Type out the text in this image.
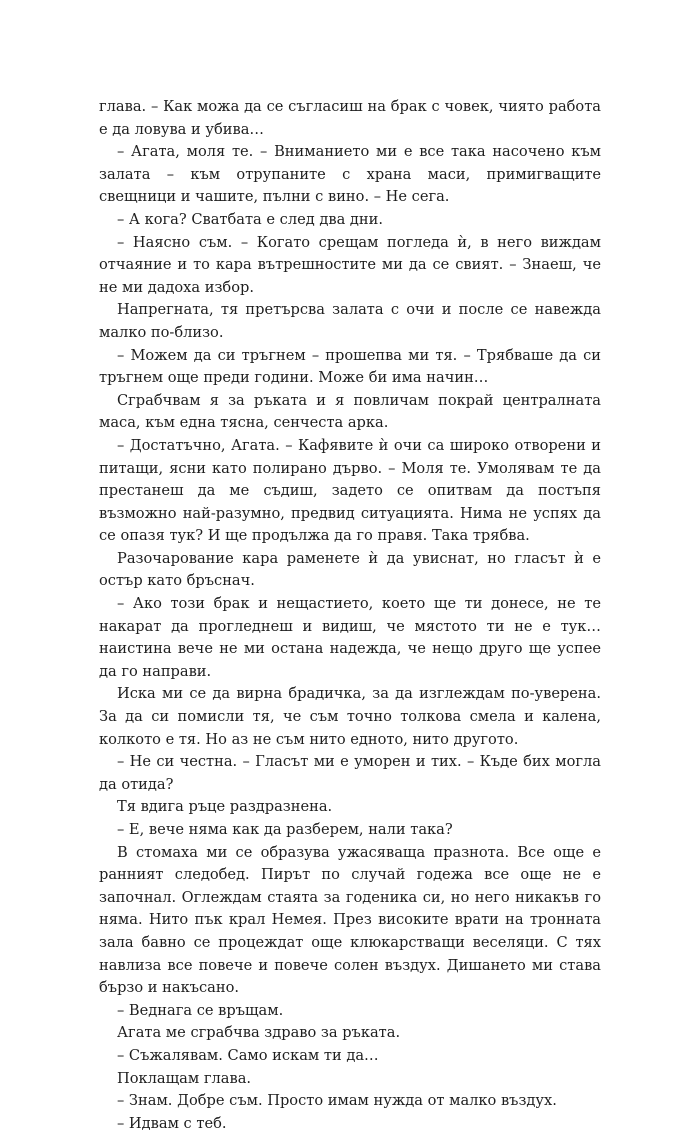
глава. – Как можа да се съгласиш на брак с човек, чиято работа е да ловува и убива…

– Агата, моля те. – Вниманието ми е все така насочено към залата – към отрупаните с храна маси, примигващите свещници и чашите, пълни с вино. – Не сега.

– А кога? Сватбата е след два дни.

– Наясно съм. – Когато срещам погледа ѝ, в него виждам отчаяние и то кара вътрешностите ми да се свият. – Знаеш, че не ми дадоха избор.

Напрегната, тя претърсва залата с очи и после се навежда малко по-близо.

– Можем да си тръгнем – прошепва ми тя. – Трябваше да си тръгнем още преди години. Може би има начин…

Сграбчвам я за ръката и я повличам покрай централната маса, към една тясна, сенчеста арка.

– Достатъчно, Агата. – Кафявите ѝ очи са широко отворени и питащи, ясни като полирано дърво. – Моля те. Умолявам те да престанеш да ме съдиш, задето се опитвам да постъпя възможно най-разумно, предвид ситуацията. Нима не успях да се опазя тук? И ще продължа да го правя. Така трябва.

Разочарование кара раменете ѝ да увиснат, но гласът ѝ е остър като бръснач.

– Ако този брак и нещастието, което ще ти донесе, не те накарат да прогледнеш и видиш, че мястото ти не е тук… наистина вече не ми остана надежда, че нещо друго ще успее да го направи.

Иска ми се да вирна брадичка, за да изглеждам по-уверена. За да си помисли тя, че съм точно толкова смела и калена, колкото е тя. Но аз не съм нито едното, нито другото.

– Не си честна. – Гласът ми е уморен и тих. – Къде бих могла да отида?

Тя вдига ръце раздразнена.

– Е, вече няма как да разберем, нали така?

В стомаха ми се образува ужасяваща празнота. Все още е ранният следобед. Пирът по случай годежа все още не е започнал. Оглеждам стаята за годеника си, но него никакъв го няма. Нито пък крал Немея. През високите врати на тронната зала бавно се процеждат още клюкарстващи веселяци. С тях навлиза все повече и повече солен въздух. Дишането ми става бързо и накъсано.

– Веднага се връщам.

Агата ме сграбчва здраво за ръката.

– Съжалявам. Само искам ти да…

Поклащам глава.

– Знам. Добре съм. Просто имам нужда от малко въздух.

– Идвам с теб.
